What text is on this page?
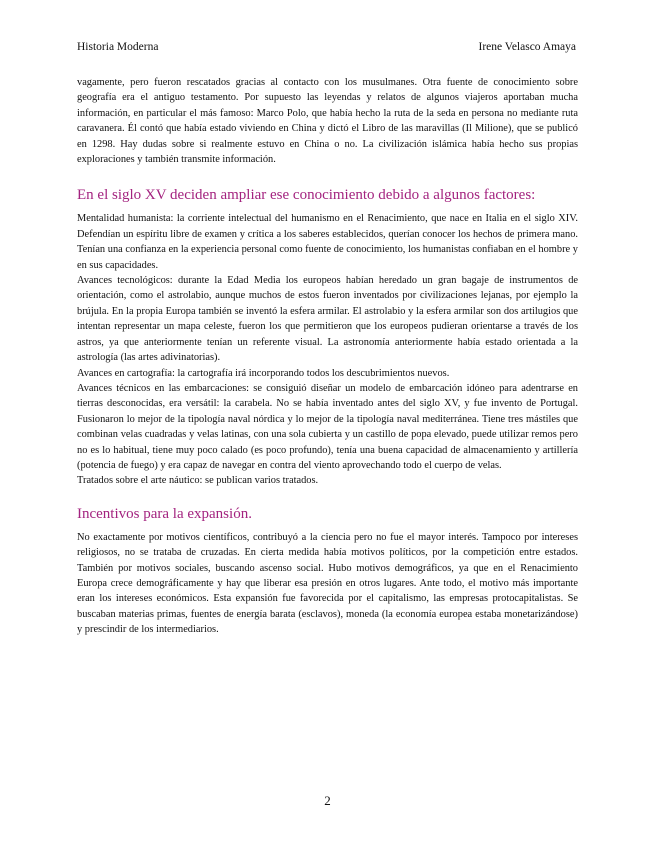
Historia Moderna	Irene Velasco Amaya

vagamente, pero fueron rescatados gracias al contacto con los musulmanes. Otra fuente de conocimiento sobre geografía era el antiguo testamento. Por supuesto las leyendas y relatos de algunos viajeros aportaban mucha información, en particular el más famoso: Marco Polo, que había hecho la ruta de la seda en persona no mediante ruta caravanera. Él contó que había estado viviendo en China y dictó el Libro de las maravillas (Il Milione), que se publicó en 1298. Hay dudas sobre si realmente estuvo en China o no. La civilización islámica había hecho sus propias exploraciones y también transmite información.

En el siglo XV deciden ampliar ese conocimiento debido a algunos factores:

Mentalidad humanista: la corriente intelectual del humanismo en el Renacimiento, que nace en Italia en el siglo XIV. Defendían un espíritu libre de examen y crítica a los saberes establecidos, querían conocer los hechos de primera mano. Tenían una confianza en la experiencia personal como fuente de conocimiento, los humanistas confiaban en el hombre y en sus capacidades.

Avances tecnológicos: durante la Edad Media los europeos habían heredado un gran bagaje de instrumentos de orientación, como el astrolabio, aunque muchos de estos fueron inventados por civilizaciones lejanas, por ejemplo la brújula. En la propia Europa también se inventó la esfera armilar. El astrolabio y la esfera armilar son dos artilugios que intentan representar un mapa celeste, fueron los que permitieron que los europeos pudieran orientarse a través de los astros, ya que anteriormente tenían un referente visual. La astronomía anteriormente había estado orientada a la astrología (las artes adivinatorias).

Avances en cartografía: la cartografía irá incorporando todos los descubrimientos nuevos.

Avances técnicos en las embarcaciones: se consiguió diseñar un modelo de embarcación idóneo para adentrarse en tierras desconocidas, era versátil: la carabela. No se había inventado antes del siglo XV, y fue invento de Portugal. Fusionaron lo mejor de la tipología naval nórdica y lo mejor de la tipología naval mediterránea. Tiene tres mástiles que combinan velas cuadradas y velas latinas, con una sola cubierta y un castillo de popa elevado, puede utilizar remos pero no es lo habitual, tiene muy poco calado (es poco profundo), tenía una buena capacidad de almacenamiento y artillería (potencia de fuego) y era capaz de navegar en contra del viento aprovechando todo el cuerpo de velas.

Tratados sobre el arte náutico: se publican varios tratados.

Incentivos para la expansión.

No exactamente por motivos científicos, contribuyó a la ciencia pero no fue el mayor interés. Tampoco por intereses religiosos, no se trataba de cruzadas. En cierta medida había motivos políticos, por la competición entre estados. También por motivos sociales, buscando ascenso social. Hubo motivos demográficos, ya que en el Renacimiento Europa crece demográficamente y hay que liberar esa presión en otros lugares. Ante todo, el motivo más importante eran los intereses económicos. Esta expansión fue favorecida por el capitalismo, las empresas protocapitalistas. Se buscaban materias primas, fuentes de energía barata (esclavos), moneda (la economía europea estaba monetarizándose) y prescindir de los intermediarios.

2
